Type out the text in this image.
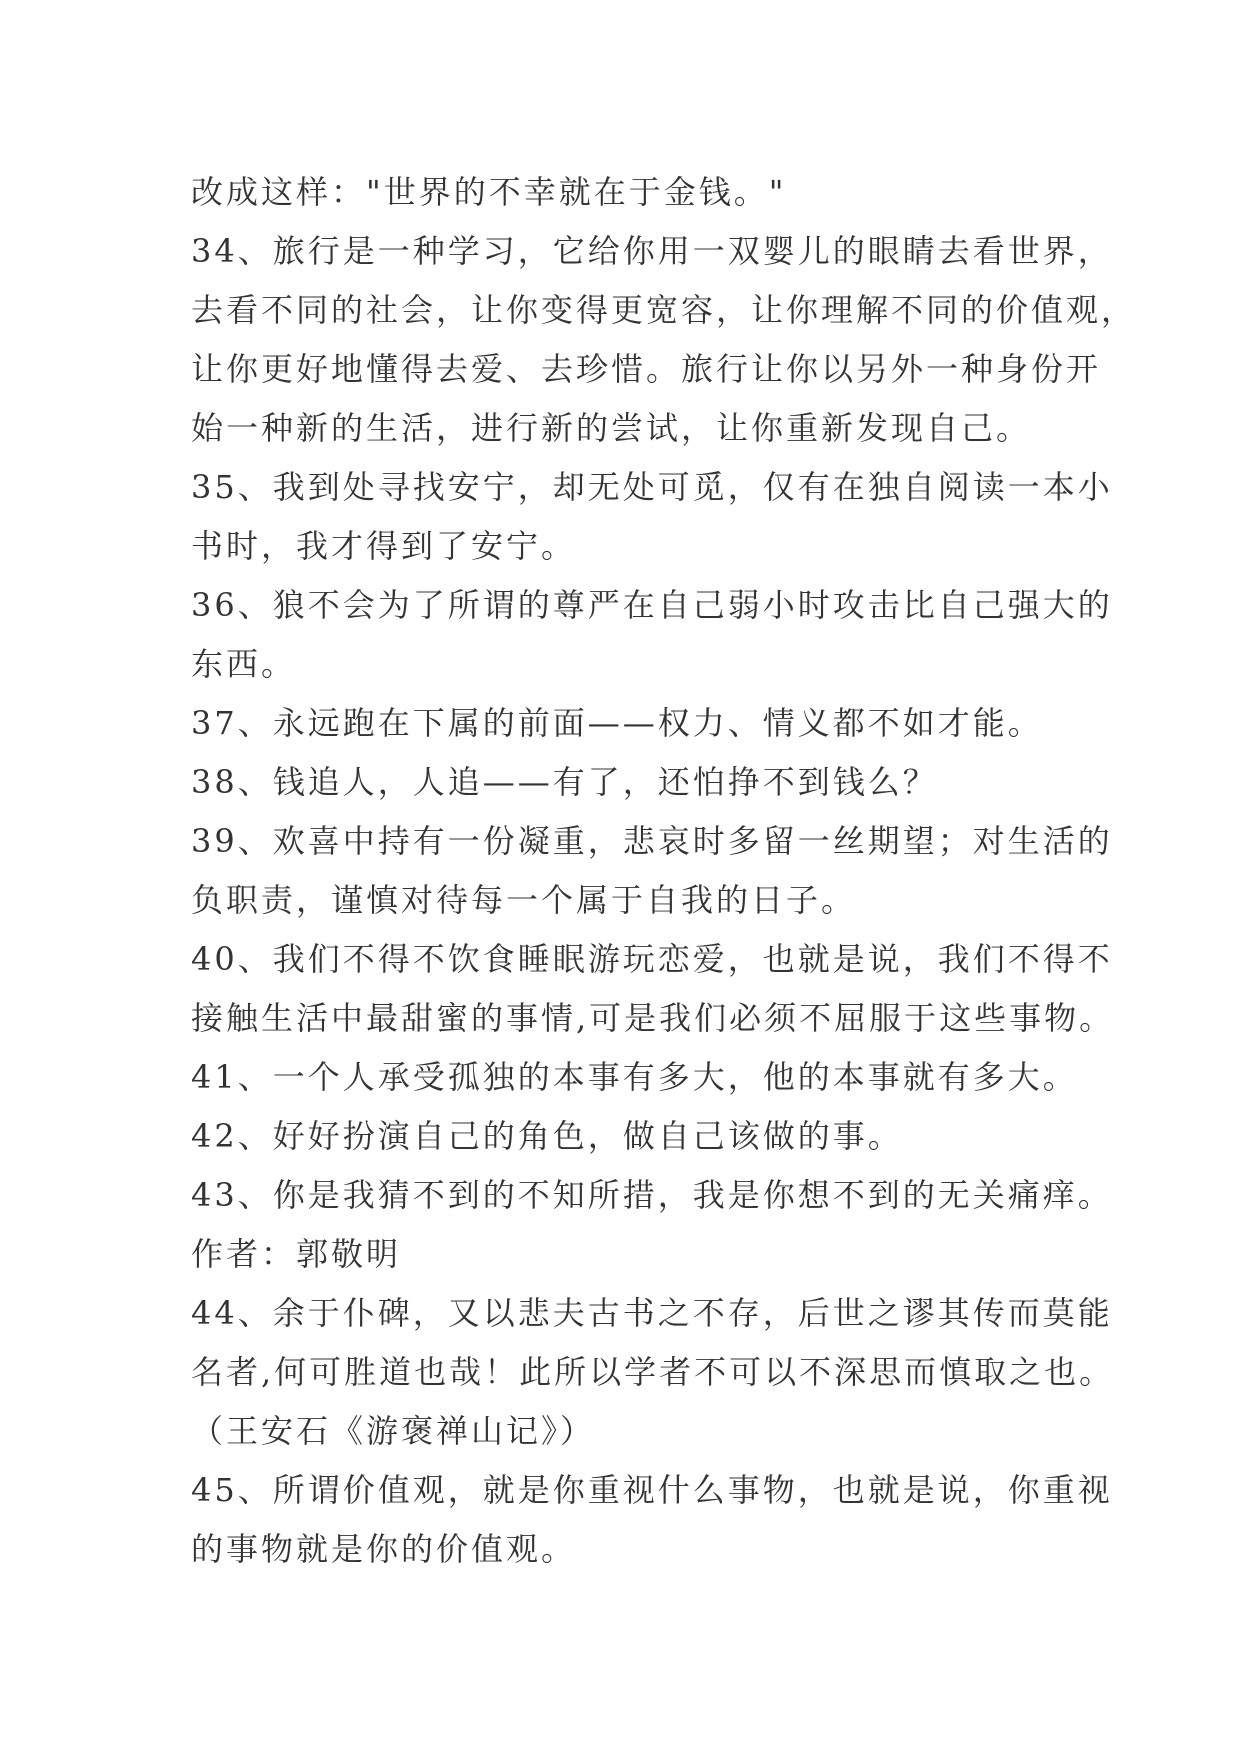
改成这样："世界的不幸就在于金钱。"
34、旅行是一种学习，它给你用一双婴儿的眼睛去看世界，
去看不同的社会，让你变得更宽容，让你理解不同的价值观，
让你更好地懂得去爱、去珍惜。旅行让你以另外一种身份开
始一种新的生活，进行新的尝试，让你重新发现自己。
35、我到处寻找安宁，却无处可觅，仅有在独自阅读一本小
书时，我才得到了安宁。
36、狼不会为了所谓的尊严在自己弱小时攻击比自己强大的
东西。
37、永远跑在下属的前面——权力、情义都不如才能。
38、钱追人，人追——有了，还怕挣不到钱么？
39、欢喜中持有一份凝重，悲哀时多留一丝期望；对生活的
负职责，谨慎对待每一个属于自我的日子。
40、我们不得不饮食睡眠游玩恋爱，也就是说，我们不得不
接触生活中最甜蜜的事情,可是我们必须不屈服于这些事物。
41、一个人承受孤独的本事有多大，他的本事就有多大。
42、好好扮演自己的角色，做自己该做的事。
43、你是我猜不到的不知所措，我是你想不到的无关痛痒。
作者：郭敬明
44、余于仆碑，又以悲夫古书之不存，后世之谬其传而莫能
名者,何可胜道也哉！此所以学者不可以不深思而慎取之也。
（王安石《游褒禅山记》）
45、所谓价值观，就是你重视什么事物，也就是说，你重视
的事物就是你的价值观。
